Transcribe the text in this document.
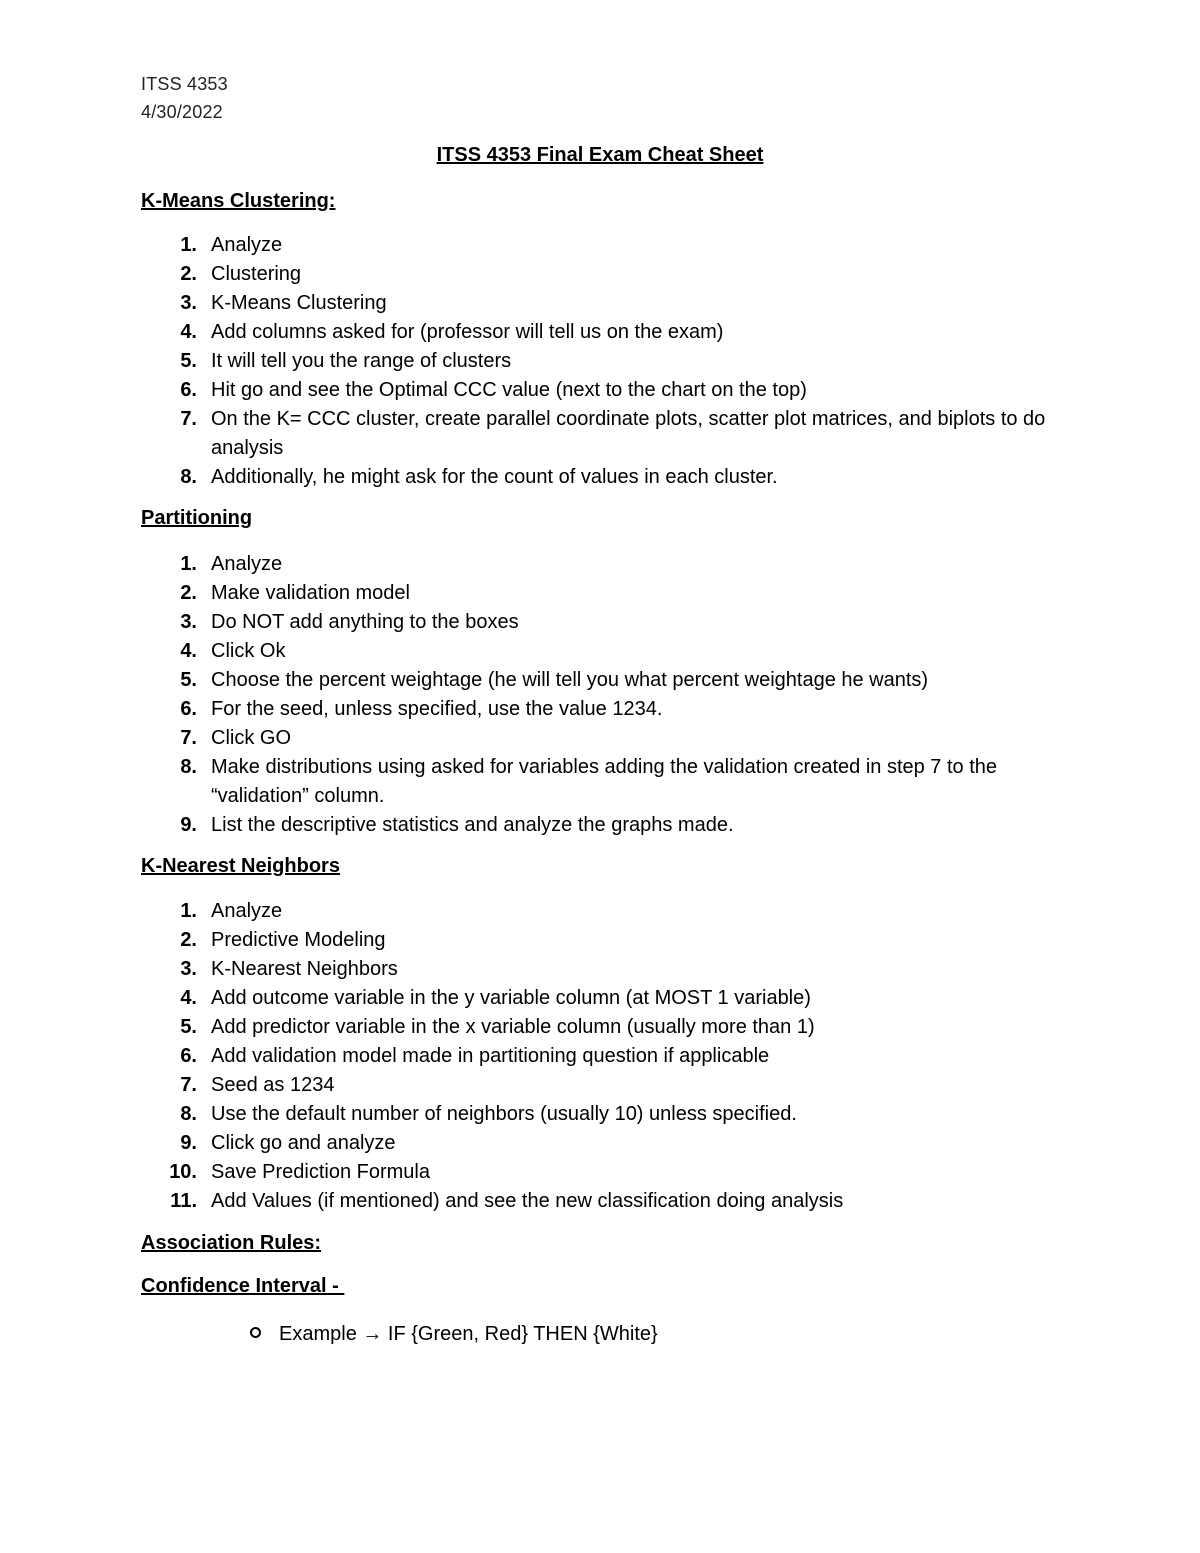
ITSS 4353
4/30/2022
ITSS 4353 Final Exam Cheat Sheet
K-Means Clustering:
1. Analyze
2. Clustering
3. K-Means Clustering
4. Add columns asked for (professor will tell us on the exam)
5. It will tell you the range of clusters
6. Hit go and see the Optimal CCC value (next to the chart on the top)
7. On the K= CCC cluster, create parallel coordinate plots, scatter plot matrices, and biplots to do analysis
8. Additionally, he might ask for the count of values in each cluster.
Partitioning
1. Analyze
2. Make validation model
3. Do NOT add anything to the boxes
4. Click Ok
5. Choose the percent weightage (he will tell you what percent weightage he wants)
6. For the seed, unless specified, use the value 1234.
7. Click GO
8. Make distributions using asked for variables adding the validation created in step 7 to the “validation” column.
9. List the descriptive statistics and analyze the graphs made.
K-Nearest Neighbors
1. Analyze
2. Predictive Modeling
3. K-Nearest Neighbors
4. Add outcome variable in the y variable column (at MOST 1 variable)
5. Add predictor variable in the x variable column (usually more than 1)
6. Add validation model made in partitioning question if applicable
7. Seed as 1234
8. Use the default number of neighbors (usually 10) unless specified.
9. Click go and analyze
10. Save Prediction Formula
11. Add Values (if mentioned) and see the new classification doing analysis
Association Rules:
Confidence Interval -
Example → IF {Green, Red} THEN {White}
